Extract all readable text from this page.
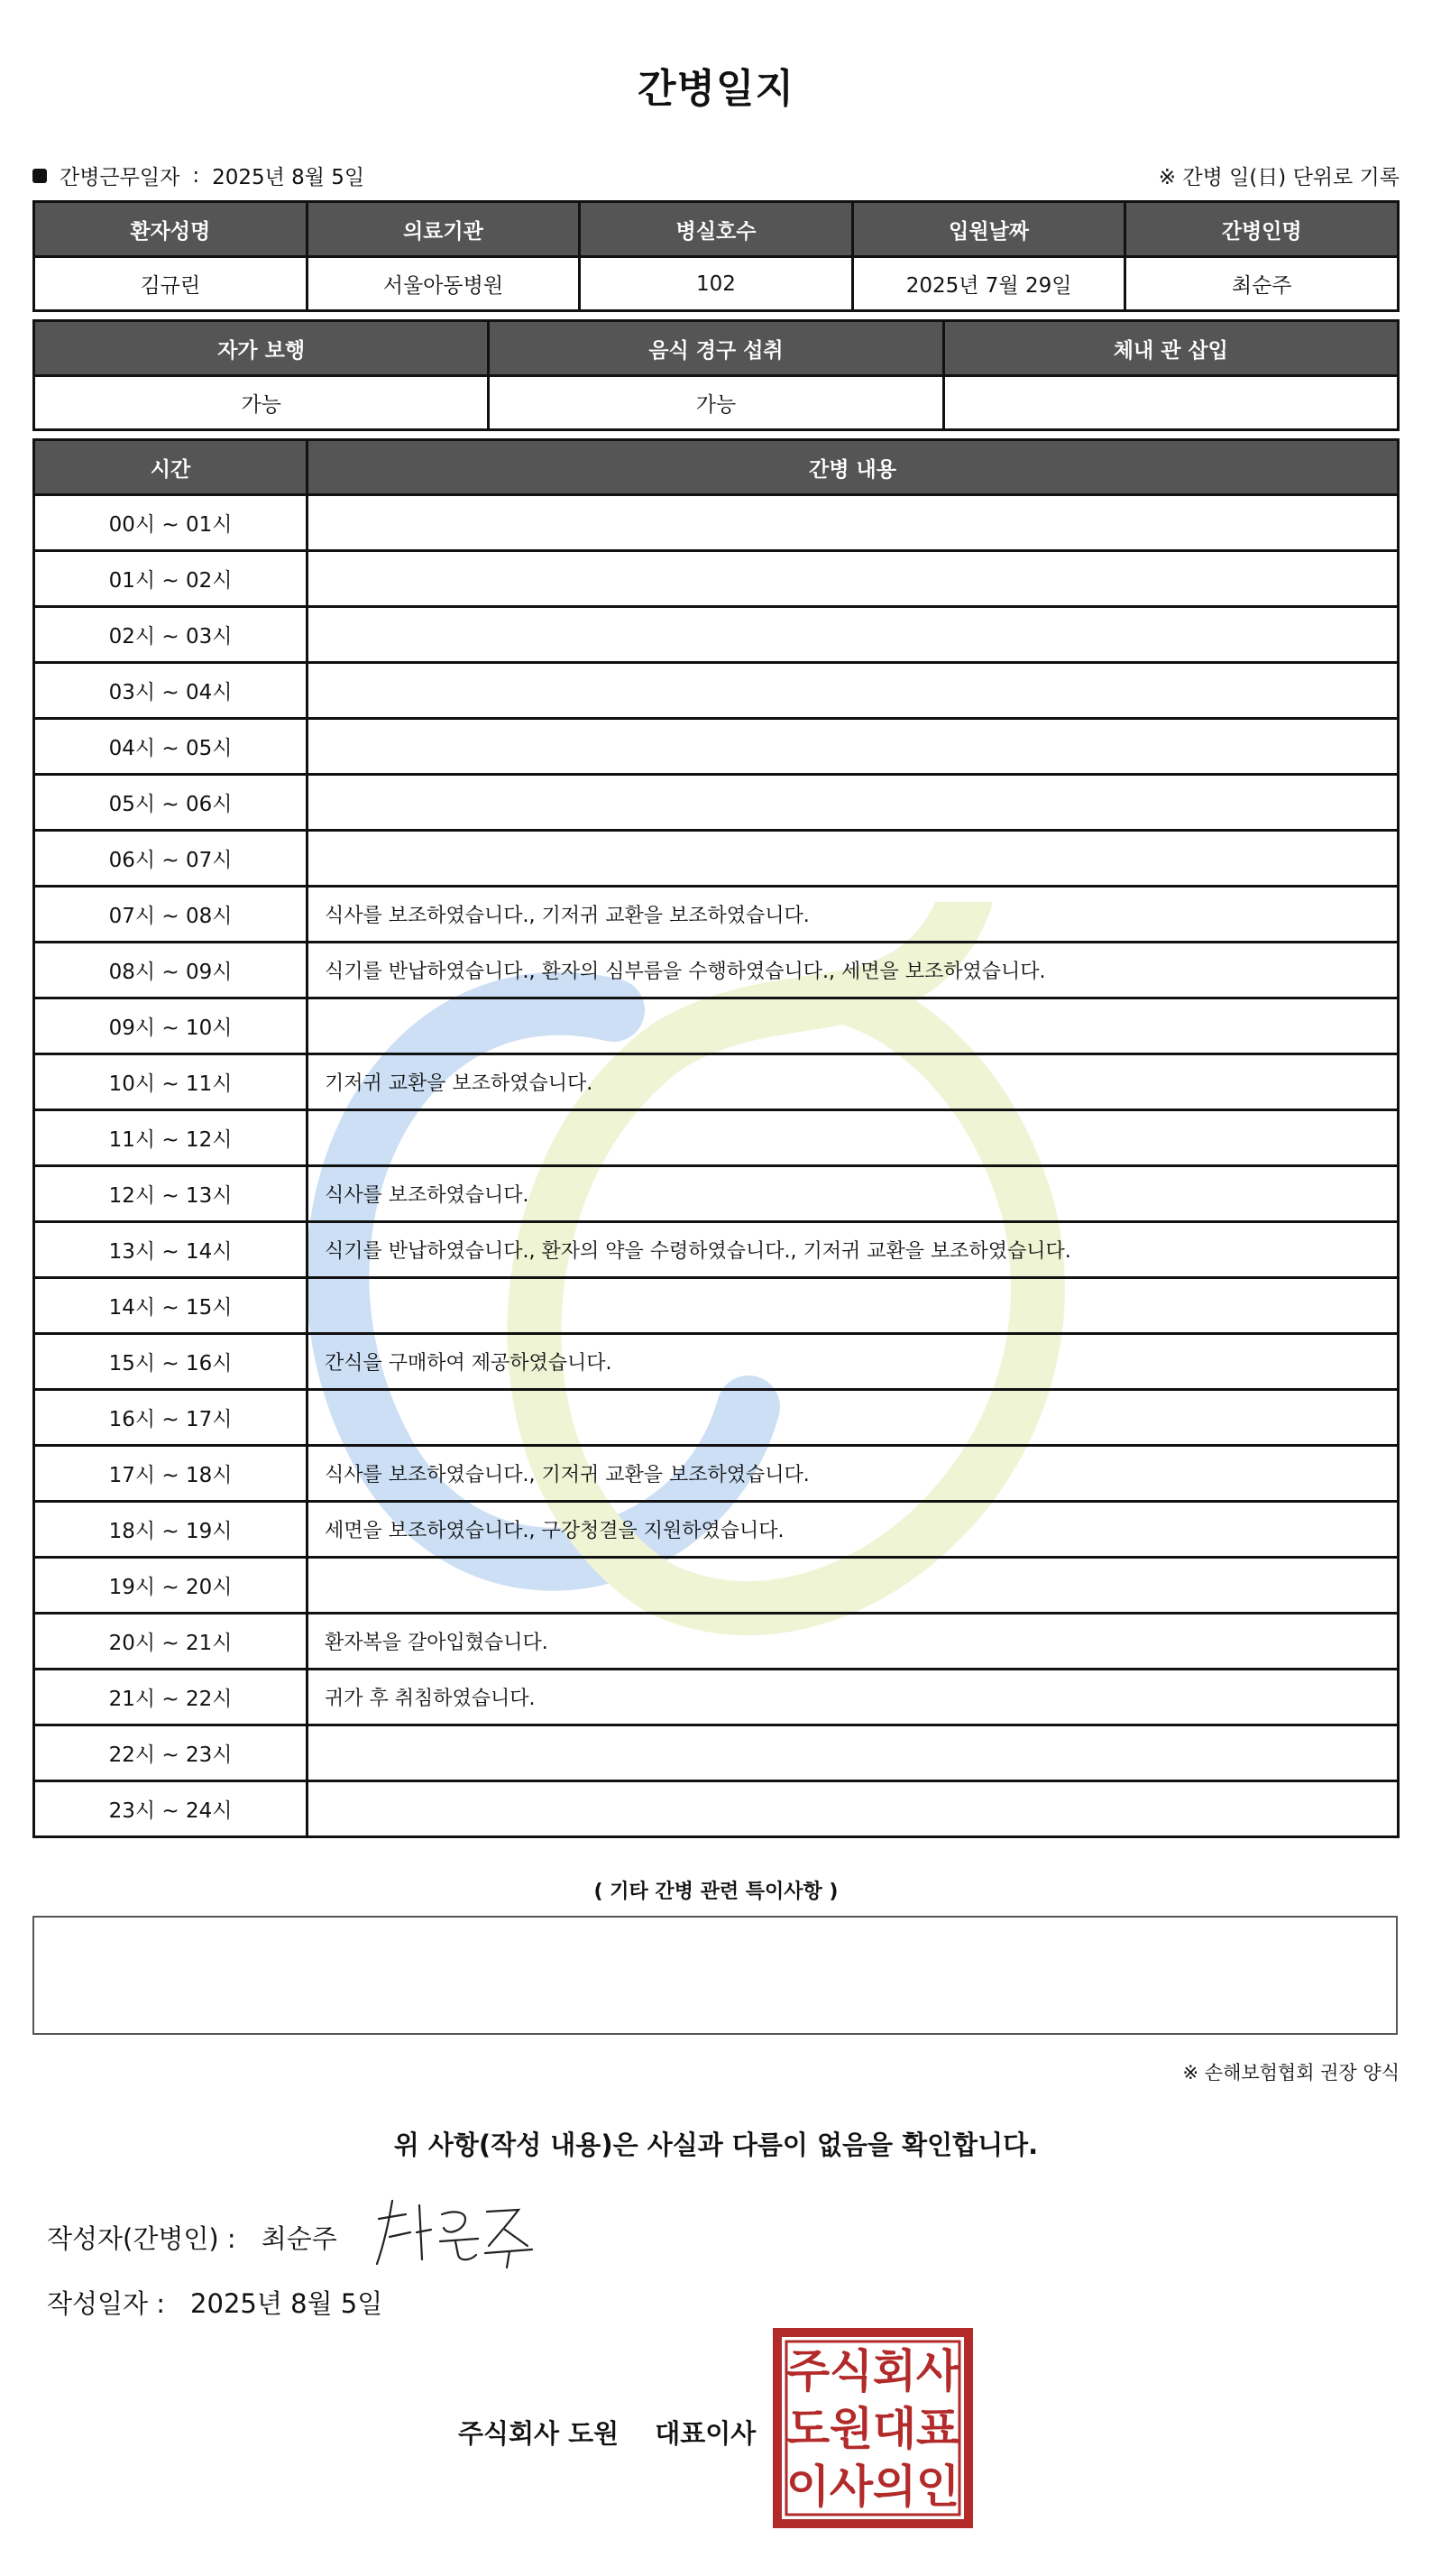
간병일지
간병근무일자 : 2025년 8월 5일	※ 간병 일(日) 단위로 기록
환자성명	의료기관	병실호수	입원날짜	간병인명
김규린	서울아동병원	102	2025년 7월 29일	최순주
자가 보행	음식 경구 섭취	체내 관 삽입
가능	가능	
시간	간병 내용
00시 ~ 01시	
01시 ~ 02시	
02시 ~ 03시	
03시 ~ 04시	
04시 ~ 05시	
05시 ~ 06시	
06시 ~ 07시	
07시 ~ 08시	식사를 보조하였습니다., 기저귀 교환을 보조하였습니다.
08시 ~ 09시	식기를 반납하였습니다., 환자의 심부름을 수행하였습니다., 세면을 보조하였습니다.
09시 ~ 10시	
10시 ~ 11시	기저귀 교환을 보조하였습니다.
11시 ~ 12시	
12시 ~ 13시	식사를 보조하였습니다.
13시 ~ 14시	식기를 반납하였습니다., 환자의 약을 수령하였습니다., 기저귀 교환을 보조하였습니다.
14시 ~ 15시	
15시 ~ 16시	간식을 구매하여 제공하였습니다.
16시 ~ 17시	
17시 ~ 18시	식사를 보조하였습니다., 기저귀 교환을 보조하였습니다.
18시 ~ 19시	세면을 보조하였습니다., 구강청결을 지원하였습니다.
19시 ~ 20시	
20시 ~ 21시	환자복을 갈아입혔습니다.
21시 ~ 22시	귀가 후 취침하였습니다.
22시 ~ 23시	
23시 ~ 24시	
( 기타 간병 관련 특이사항 )
※ 손해보험협회 권장 양식
위 사항(작성 내용)은 사실과 다름이 없음을 확인합니다.
작성자(간병인) : 최순주
작성일자 : 2025년 8월 5일
주식회사 도원 대표이사
주 식 회 사
도 원 대 표
이 사 의 인
